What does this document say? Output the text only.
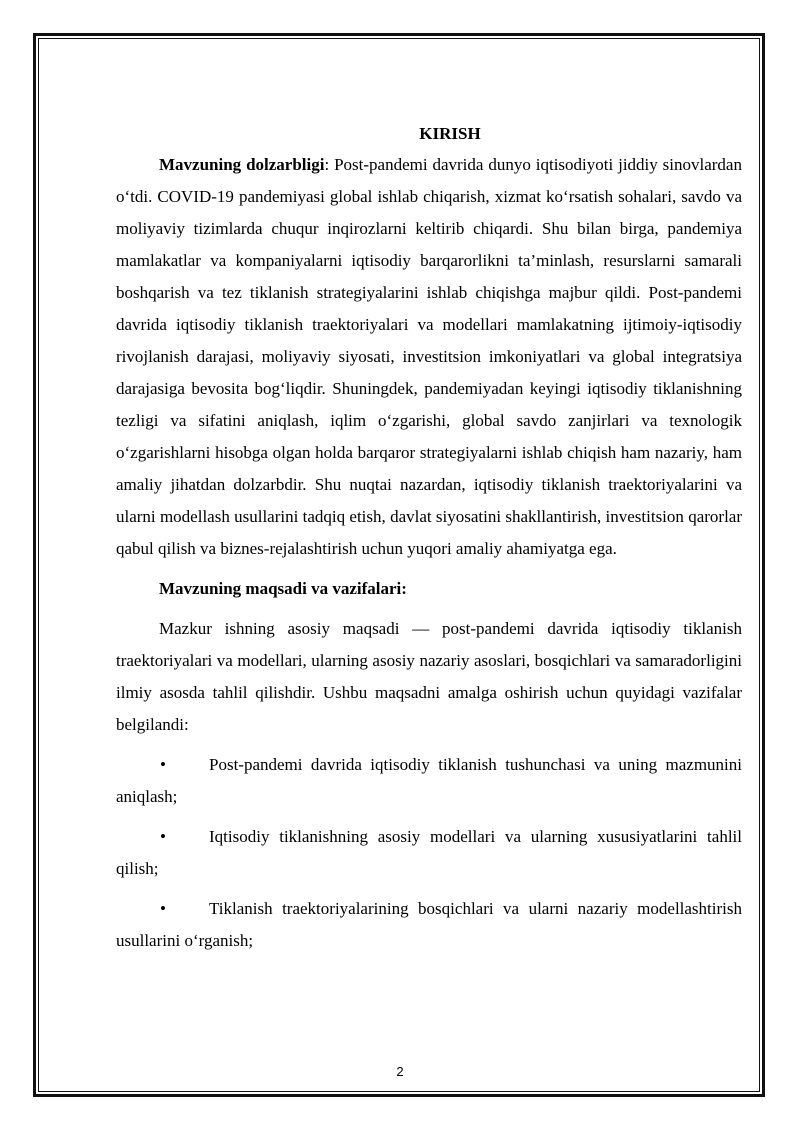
KIRISH

Mavzuning dolzarbligi: Post-pandemi davrida dunyo iqtisodiyoti jiddiy sinovlardan o‘tdi. COVID-19 pandemiyasi global ishlab chiqarish, xizmat ko‘rsatish sohalari, savdo va moliyaviy tizimlarda chuqur inqirozlarni keltirib chiqardi. Shu bilan birga, pandemiya mamlakatlar va kompaniyalarni iqtisodiy barqarorlikni ta’minlash, resurslarni samarali boshqarish va tez tiklanish strategiyalarini ishlab chiqishga majbur qildi. Post-pandemi davrida iqtisodiy tiklanish traektoriyalari va modellari mamlakatning ijtimoiy-iqtisodiy rivojlanish darajasi, moliyaviy siyosati, investitsion imkoniyatlari va global integratsiya darajasiga bevosita bog‘liqdir. Shuningdek, pandemiyadan keyingi iqtisodiy tiklanishning tezligi va sifatini aniqlash, iqlim o‘zgarishi, global savdo zanjirlari va texnologik o‘zgarishlarni hisobga olgan holda barqaror strategiyalarni ishlab chiqish ham nazariy, ham amaliy jihatdan dolzarbdir. Shu nuqtai nazardan, iqtisodiy tiklanish traektoriyalarini va ularni modellash usullarini tadqiq etish, davlat siyosatini shakllantirish, investitsion qarorlar qabul qilish va biznes-rejalashtirish uchun yuqori amaliy ahamiyatga ega.

Mavzuning maqsadi va vazifalari:

Mazkur ishning asosiy maqsadi — post-pandemi davrida iqtisodiy tiklanish traektoriyalari va modellari, ularning asosiy nazariy asoslari, bosqichlari va samaradorligini ilmiy asosda tahlil qilishdir. Ushbu maqsadni amalga oshirish uchun quyidagi vazifalar belgilandi:

•	Post-pandemi davrida iqtisodiy tiklanish tushunchasi va uning mazmunini aniqlash;

•	Iqtisodiy tiklanishning asosiy modellari va ularning xususiyatlarini tahlil qilish;

•	Tiklanish traektoriyalarining bosqichlari va ularni nazariy modellashtirish usullarini o‘rganish;

2
